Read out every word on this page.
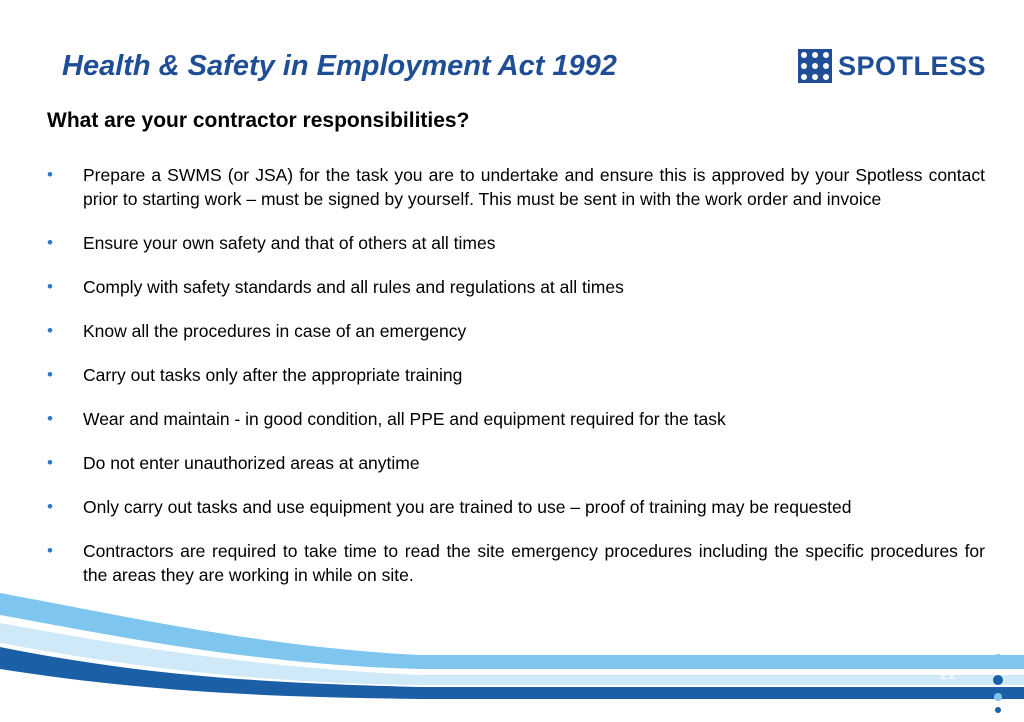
Health & Safety in Employment Act 1992	SPOTLESS
What are your contractor responsibilities?
• Prepare a SWMS (or JSA) for the task you are to undertake and ensure this is approved by your Spotless contact prior to starting work – must be signed by yourself. This must be sent in with the work order and invoice
• Ensure your own safety and that of others at all times
• Comply with safety standards and all rules and regulations at all times
• Know all the procedures in case of an emergency
• Carry out tasks only after the appropriate training
• Wear and maintain - in good condition, all PPE and equipment required for the task
• Do not enter unauthorized areas at anytime
• Only carry out tasks and use equipment you are trained to use – proof of training may be requested
• Contractors are required to take time to read the site emergency procedures including the specific procedures for the areas they are working in while on site.
21
